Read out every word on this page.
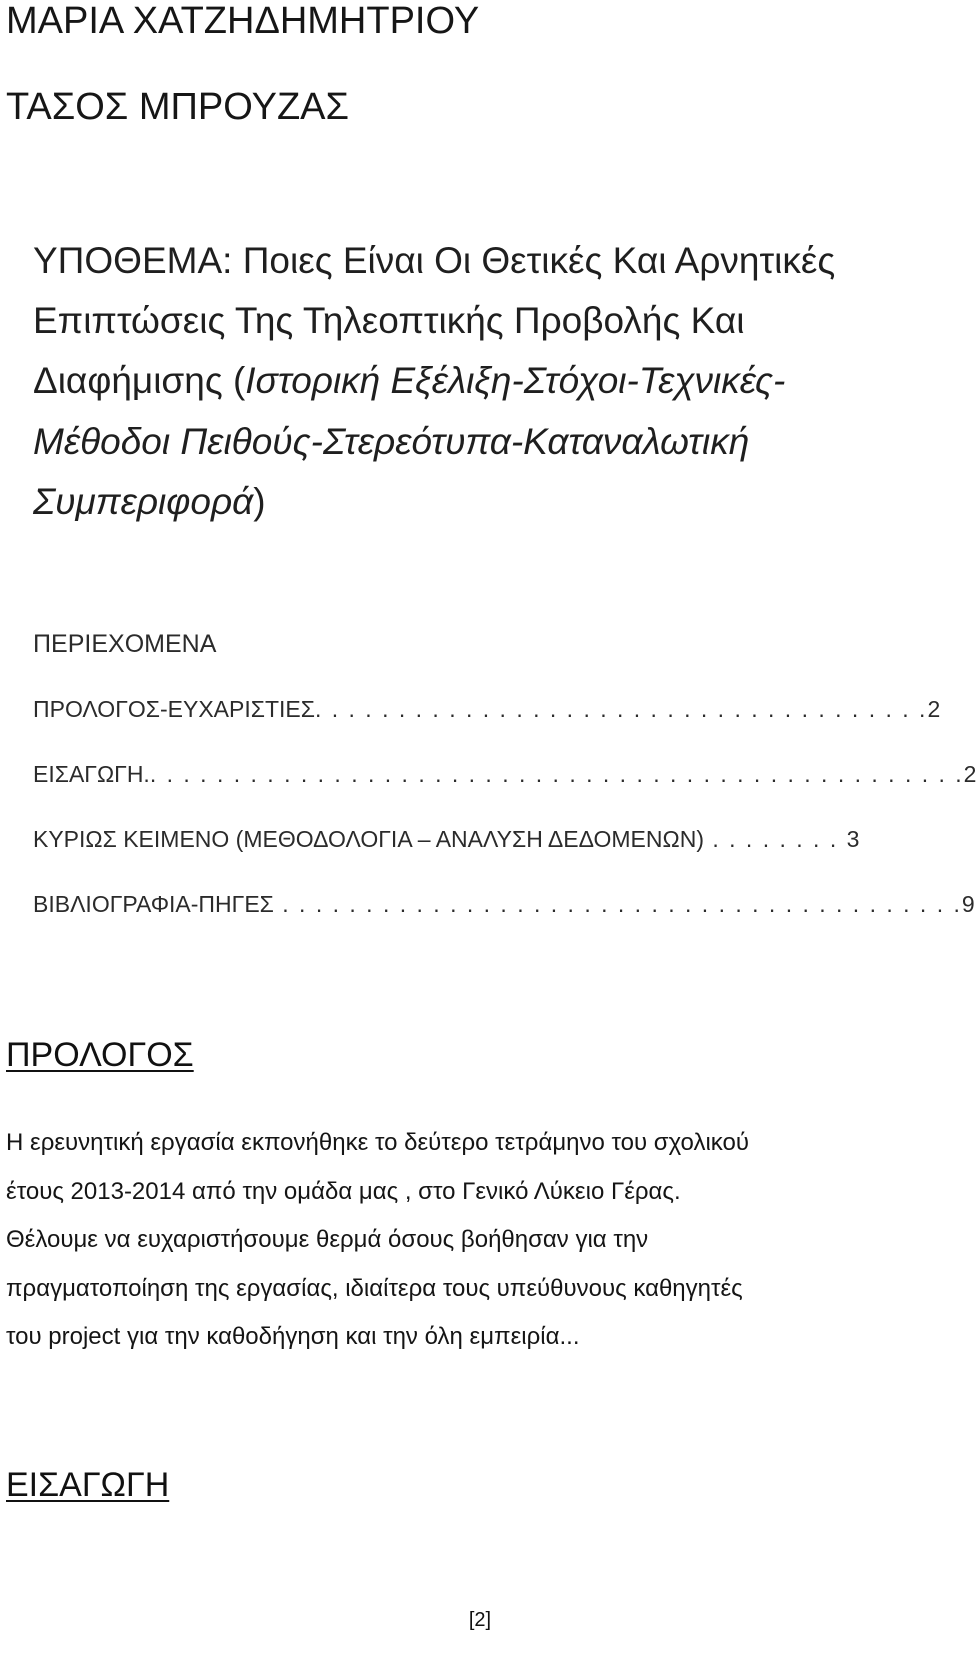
ΜΑΡΙΑ ΧΑΤΖΗΔΗΜΗΤΡΙΟΥ
ΤΑΣΟΣ ΜΠΡΟΥΖΑΣ
ΥΠΟΘΕΜΑ: Ποιες Είναι Οι Θετικές Και Αρνητικές
Επιπτώσεις Της Τηλεοπτικής Προβολής Και
Διαφήμισης (Ιστορική Εξέλιξη-Στόχοι-Τεχνικές-
Μέθοδοι Πειθούς-Στερεότυπα-Καταναλωτική
Συμπεριφορά)
ΠΕΡΙΕΧΟΜΕΝΑ
ΠΡΟΛΟΓΟΣ-ΕΥΧΑΡΙΣΤΙΕΣ. . . . . . . . . . . . . . . . . . . . . . . . . . . . . . . . . . . . .2
ΕΙΣΑΓΩΓΗ.. . . . . . . . . . . . . . . . . . . . . . . . . . . . . . . . . . . . . . . . . . . . . . . . .2
ΚΥΡΙΩΣ ΚΕΙΜΕΝΟ (ΜΕΘΟΔΟΛΟΓΙΑ – ΑΝΑΛΥΣΗ ΔΕΔΟΜΕΝΩΝ) . . . . . . . . 3
ΒΙΒΛΙΟΓΡΑΦΙΑ-ΠΗΓΕΣ . . . . . . . . . . . . . . . . . . . . . . . . . . . . . . . . . . . . . . . . .9
ΠΡΟΛΟΓΟΣ
Η ερευνητική εργασία εκπονήθηκε το δεύτερο τετράμηνο του σχολικού
έτους 2013-2014 από την ομάδα μας , στο Γενικό Λύκειο Γέρας.
Θέλουμε να ευχαριστήσουμε θερμά όσους βοήθησαν για την
πραγματοποίηση της εργασίας, ιδιαίτερα τους υπεύθυνους καθηγητές
του project για την καθοδήγηση και την όλη εμπειρία...
ΕΙΣΑΓΩΓΗ
[2]
